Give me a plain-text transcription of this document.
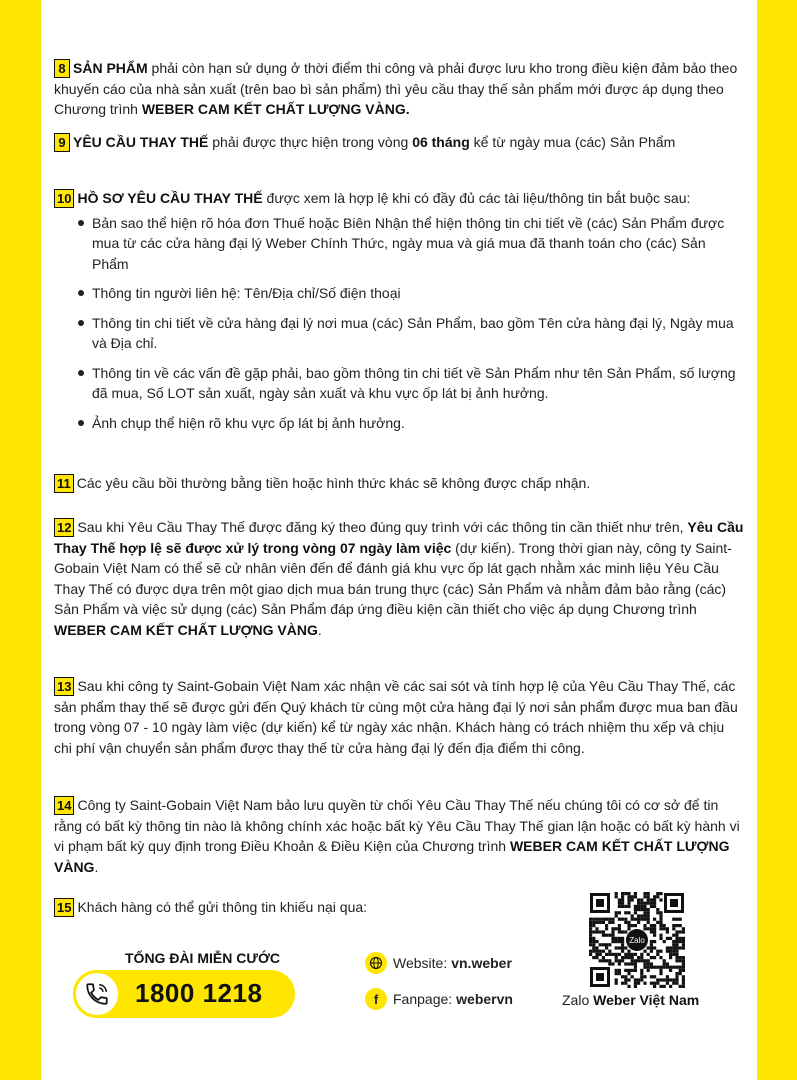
8 SẢN PHẨM phải còn hạn sử dụng ở thời điểm thi công và phải được lưu kho trong điều kiện đảm bảo theo khuyến cáo của nhà sản xuất (trên bao bì sản phẩm) thì yêu cầu thay thế sản phẩm mới được áp dụng theo Chương trình WEBER CAM KẾT CHẤT LƯỢNG VÀNG.

9 YÊU CẦU THAY THẾ phải được thực hiện trong vòng 06 tháng kể từ ngày mua (các) Sản Phẩm

10 HỒ SƠ YÊU CẦU THAY THẾ được xem là hợp lệ khi có đầy đủ các tài liệu/thông tin bắt buộc sau:

Bản sao thể hiện rõ hóa đơn Thuế hoặc Biên Nhận thể hiện thông tin chi tiết về (các) Sản Phẩm được mua từ các cửa hàng đại lý Weber Chính Thức, ngày mua và giá mua đã thanh toán cho (các) Sản Phẩm
Thông tin người liên hệ: Tên/Địa chỉ/Số điện thoại
Thông tin chi tiết về cửa hàng đại lý nơi mua (các) Sản Phẩm, bao gồm Tên cửa hàng đại lý, Ngày mua và Địa chỉ.
Thông tin về các vấn đề gặp phải, bao gồm thông tin chi tiết về Sản Phẩm như tên Sản Phẩm, số lượng đã mua, Số LOT sản xuất, ngày sản xuất và khu vực ốp lát bị ảnh hưởng.
Ảnh chụp thể hiện rõ khu vực ốp lát bị ảnh hưởng.

11 Các yêu cầu bồi thường bằng tiền hoặc hình thức khác sẽ không được chấp nhận.

12 Sau khi Yêu Cầu Thay Thế được đăng ký theo đúng quy trình với các thông tin cần thiết như trên, Yêu Cầu Thay Thế hợp lệ sẽ được xử lý trong vòng 07 ngày làm việc (dự kiến). Trong thời gian này, công ty Saint-Gobain Việt Nam có thể sẽ cử nhân viên đến để đánh giá khu vực ốp lát gạch nhằm xác minh liệu Yêu Cầu Thay Thế có được dựa trên một giao dịch mua bán trung thực (các) Sản Phẩm và nhằm đảm bảo rằng (các) Sản Phẩm và việc sử dụng (các) Sản Phẩm đáp ứng điều kiện cần thiết cho việc áp dụng Chương trình WEBER CAM KẾT CHẤT LƯỢNG VÀNG.

13 Sau khi công ty Saint-Gobain Việt Nam xác nhận về các sai sót và tính hợp lệ của Yêu Cầu Thay Thế, các sản phẩm thay thế sẽ được gửi đến Quý khách từ cùng một cửa hàng đại lý nơi sản phẩm được mua ban đầu trong vòng 07 - 10 ngày làm việc (dự kiến) kể từ ngày xác nhận. Khách hàng có trách nhiệm thu xếp và chịu chi phí vận chuyển sản phẩm được thay thế từ cửa hàng đại lý đến địa điểm thi công.

14 Công ty Saint-Gobain Việt Nam bảo lưu quyền từ chối Yêu Cầu Thay Thế nếu chúng tôi có cơ sở để tin rằng có bất kỳ thông tin nào là không chính xác hoặc bất kỳ Yêu Cầu Thay Thế gian lận hoặc có bất kỳ hành vi vi phạm bất kỳ quy định trong Điều Khoản & Điều Kiện của Chương trình WEBER CAM KẾT CHẤT LƯỢNG VÀNG.

15 Khách hàng có thể gửi thông tin khiếu nại qua:

TỔNG ĐÀI MIỄN CƯỚC
1800 1218
Website: vn.weber
f	Fanpage: webervn
Zalo
Zalo Weber Việt Nam
